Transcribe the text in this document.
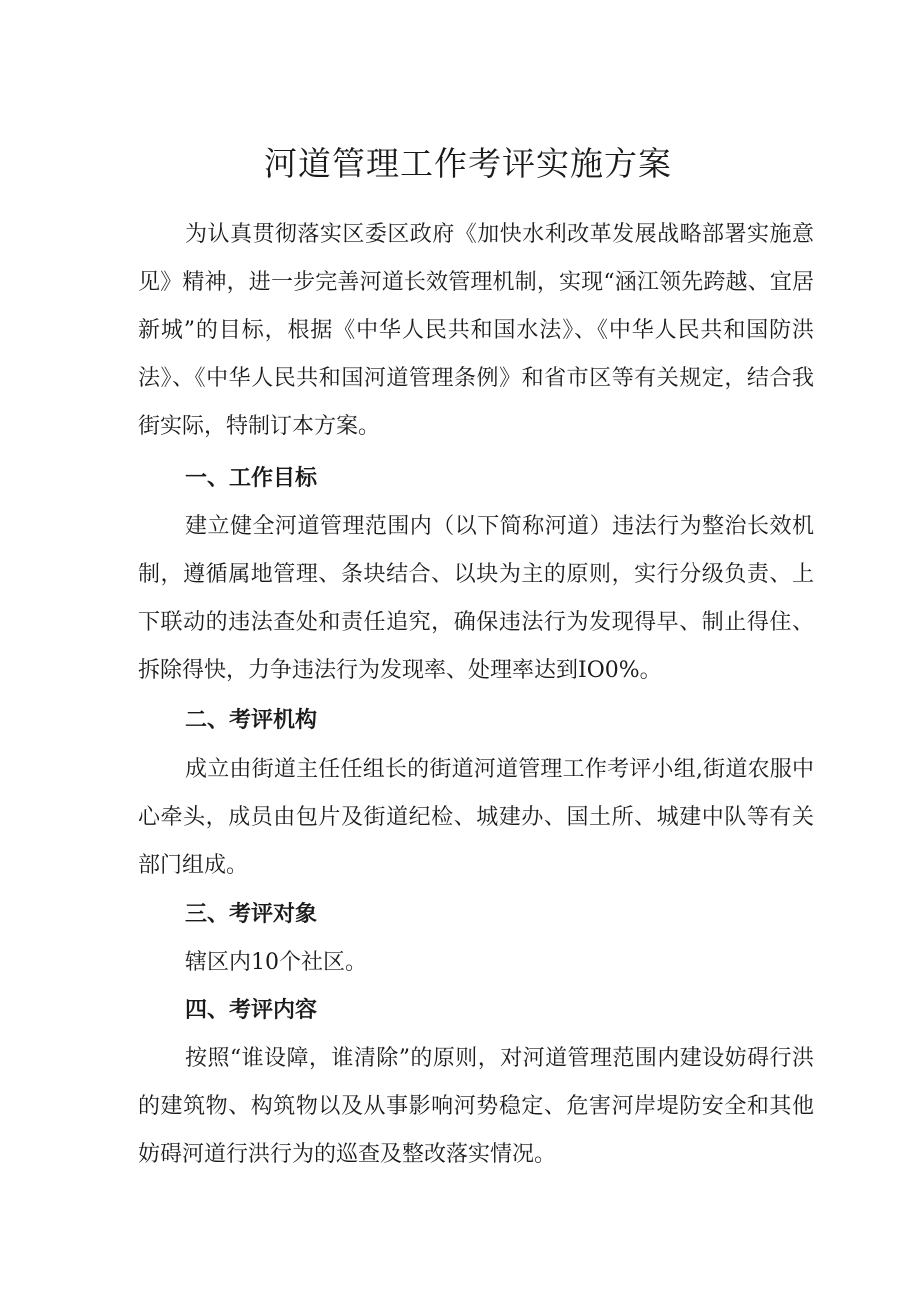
河道管理工作考评实施方案

为认真贯彻落实区委区政府《加快水利改革发展战略部署实施意见》精神，进一步完善河道长效管理机制，实现“涵江领先跨越、宜居新城”的目标，根据《中华人民共和国水法》、《中华人民共和国防洪法》、《中华人民共和国河道管理条例》和省市区等有关规定，结合我街实际，特制订本方案。

一、工作目标

建立健全河道管理范围内（以下简称河道）违法行为整治长效机制，遵循属地管理、条块结合、以块为主的原则，实行分级负责、上下联动的违法查处和责任追究，确保违法行为发现得早、制止得住、拆除得快，力争违法行为发现率、处理率达到IO0%。

二、考评机构

成立由街道主任任组长的街道河道管理工作考评小组,街道农服中心牵头，成员由包片及街道纪检、城建办、国土所、城建中队等有关部门组成。

三、考评对象

辖区内10个社区。

四、考评内容

按照“谁设障，谁清除”的原则，对河道管理范围内建设妨碍行洪的建筑物、构筑物以及从事影响河势稳定、危害河岸堤防安全和其他妨碍河道行洪行为的巡查及整改落实情况。
